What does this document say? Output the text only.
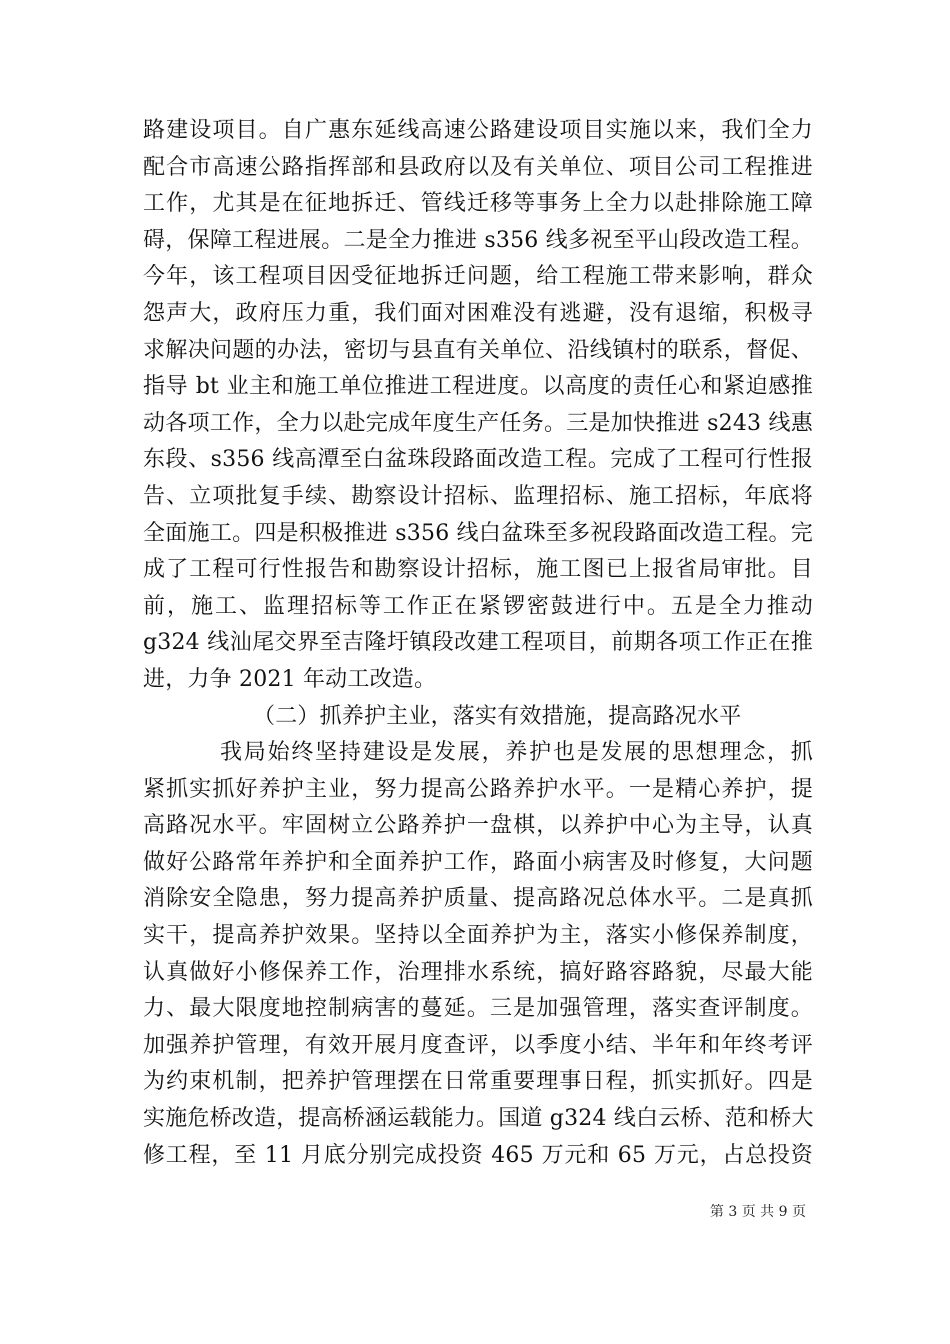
路建设项目。自广惠东延线高速公路建设项目实施以来，我们全力
配合市高速公路指挥部和县政府以及有关单位、项目公司工程推进
工作，尤其是在征地拆迁、管线迁移等事务上全力以赴排除施工障
碍，保障工程进展。二是全力推进 s356 线多祝至平山段改造工程。
今年，该工程项目因受征地拆迁问题，给工程施工带来影响，群众
怨声大，政府压力重，我们面对困难没有逃避，没有退缩，积极寻
求解决问题的办法，密切与县直有关单位、沿线镇村的联系，督促、
指导 bt 业主和施工单位推进工程进度。以高度的责任心和紧迫感推
动各项工作，全力以赴完成年度生产任务。三是加快推进 s243 线惠
东段、s356 线高潭至白盆珠段路面改造工程。完成了工程可行性报
告、立项批复手续、勘察设计招标、监理招标、施工招标，年底将
全面施工。四是积极推进 s356 线白盆珠至多祝段路面改造工程。完
成了工程可行性报告和勘察设计招标，施工图已上报省局审批。目
前，施工、监理招标等工作正在紧锣密鼓进行中。五是全力推动
g324 线汕尾交界至吉隆圩镇段改建工程项目，前期各项工作正在推
进，力争 2021 年动工改造。
（二）抓养护主业，落实有效措施，提高路况水平
我局始终坚持建设是发展，养护也是发展的思想理念，抓
紧抓实抓好养护主业，努力提高公路养护水平。一是精心养护，提
高路况水平。牢固树立公路养护一盘棋，以养护中心为主导，认真
做好公路常年养护和全面养护工作，路面小病害及时修复，大问题
消除安全隐患，努力提高养护质量、提高路况总体水平。二是真抓
实干，提高养护效果。坚持以全面养护为主，落实小修保养制度，
认真做好小修保养工作，治理排水系统，搞好路容路貌，尽最大能
力、最大限度地控制病害的蔓延。三是加强管理，落实查评制度。
加强养护管理，有效开展月度查评，以季度小结、半年和年终考评
为约束机制，把养护管理摆在日常重要理事日程，抓实抓好。四是
实施危桥改造，提高桥涵运载能力。国道 g324 线白云桥、范和桥大
修工程，至 11 月底分别完成投资 465 万元和 65 万元，占总投资
第 3 页 共 9 页
